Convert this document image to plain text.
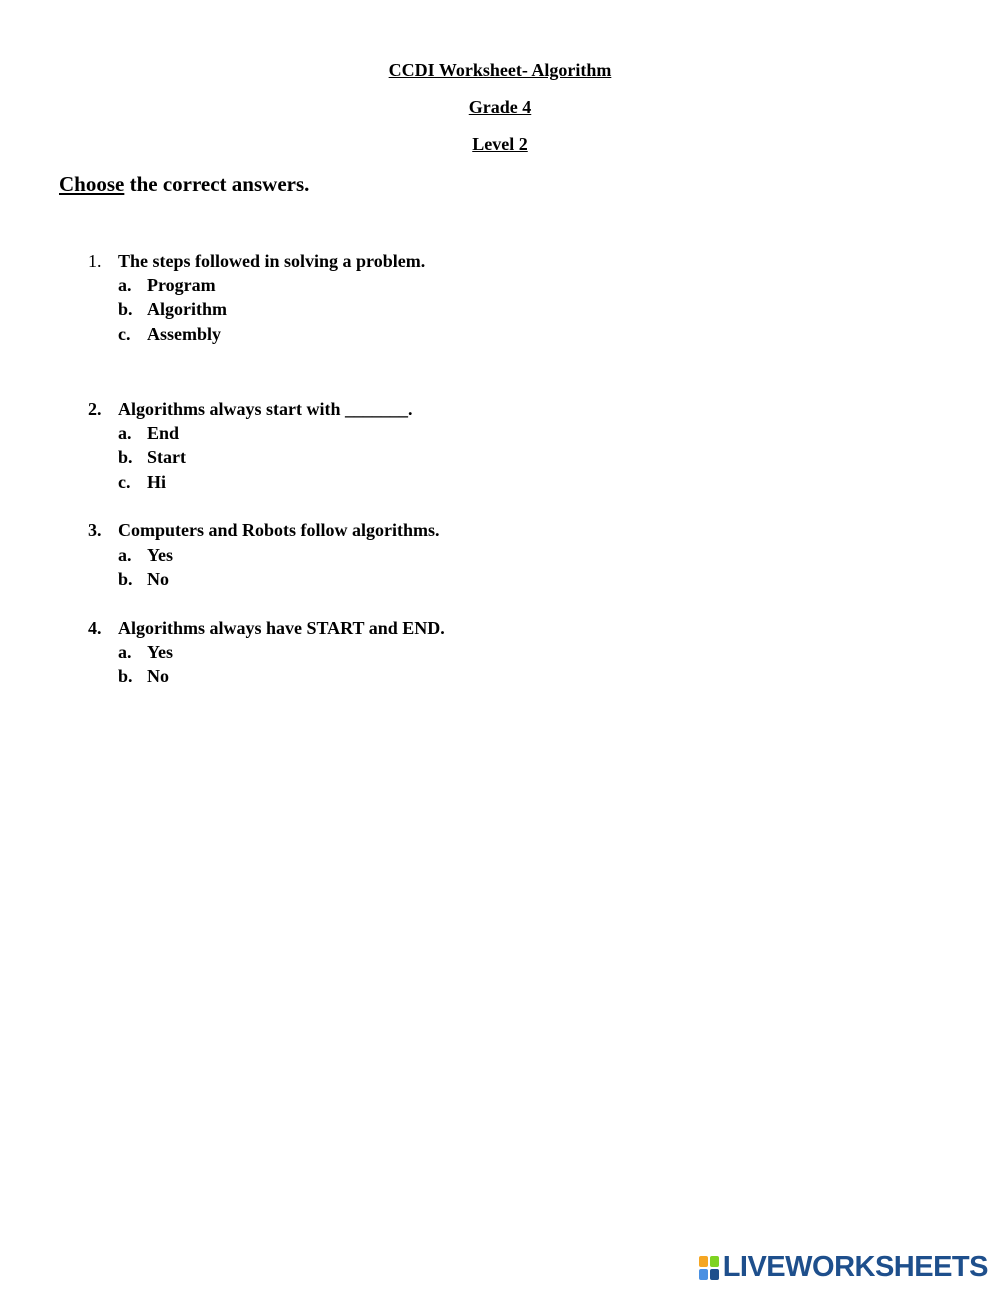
CCDI Worksheet- Algorithm
Grade 4
Level 2
Choose the correct answers.
1. The steps followed in solving a problem.
a. Program
b. Algorithm
c. Assembly
2. Algorithms always start with _______.
a. End
b. Start
c. Hi
3. Computers and Robots follow algorithms.
a. Yes
b. No
4. Algorithms always have START and END.
a. Yes
b. No
LIVEWORKSHEETS
